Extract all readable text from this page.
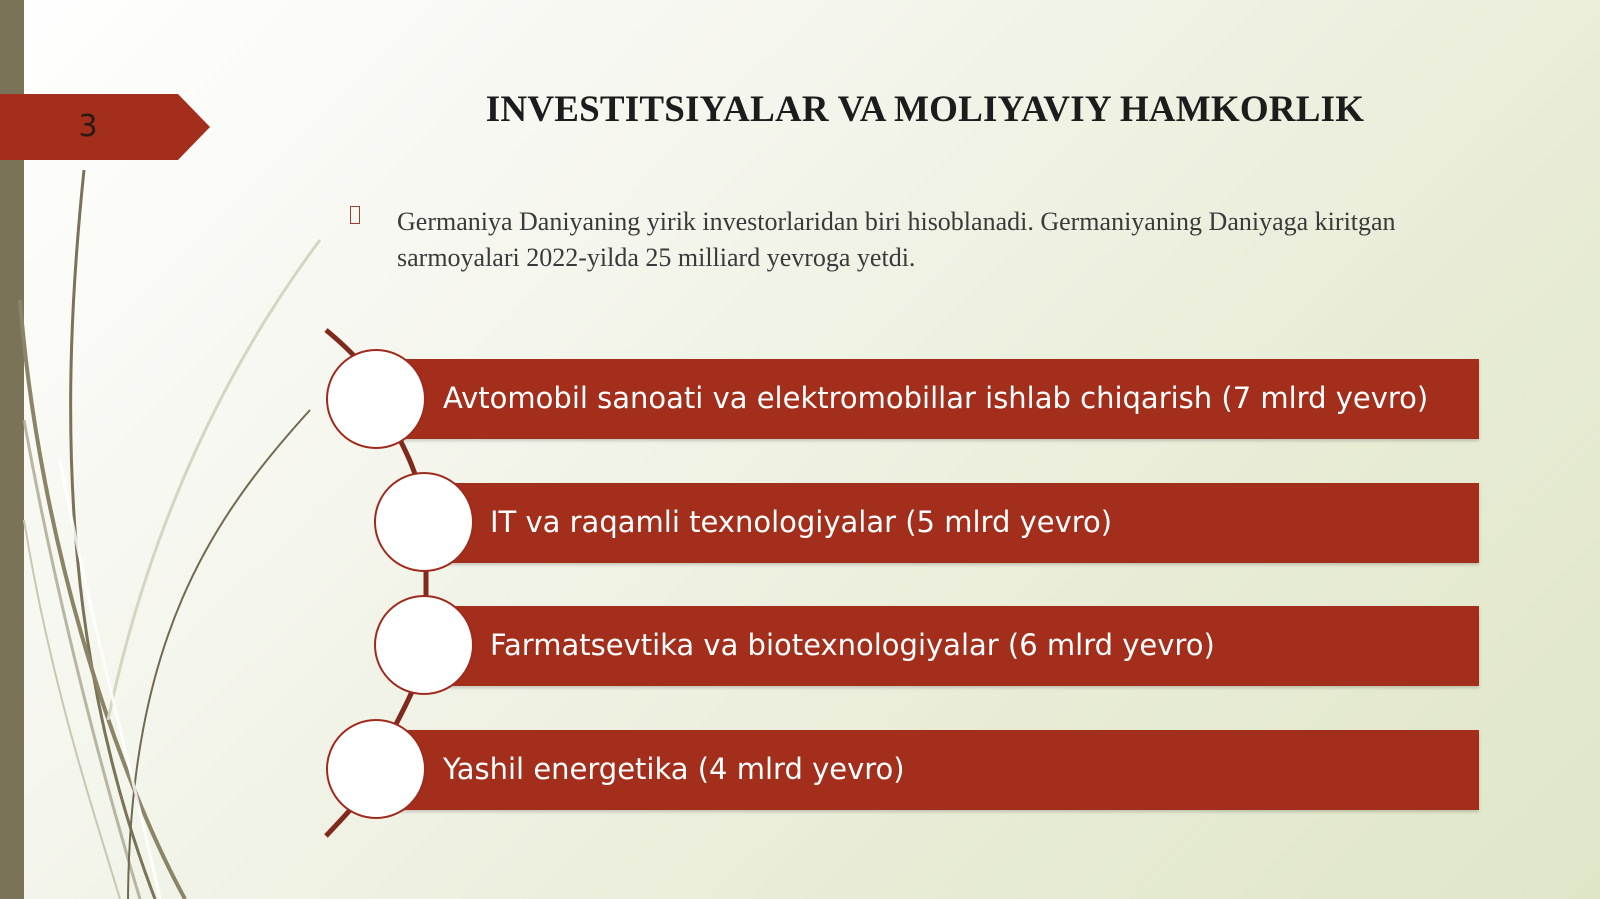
3	INVESTITSIYALAR VA MOLIYAVIY HAMKORLIK
Germaniya Daniyaning yirik investorlaridan biri hisoblanadi. Germaniyaning Daniyaga kiritgan sarmoyalari 2022-yilda 25 milliard yevroga yetdi.
Avtomobil sanoati va elektromobillar ishlab chiqarish (7 mlrd yevro)
IT va raqamli texnologiyalar (5 mlrd yevro)
Farmatsevtika va biotexnologiyalar (6 mlrd yevro)
Yashil energetika (4 mlrd yevro)
